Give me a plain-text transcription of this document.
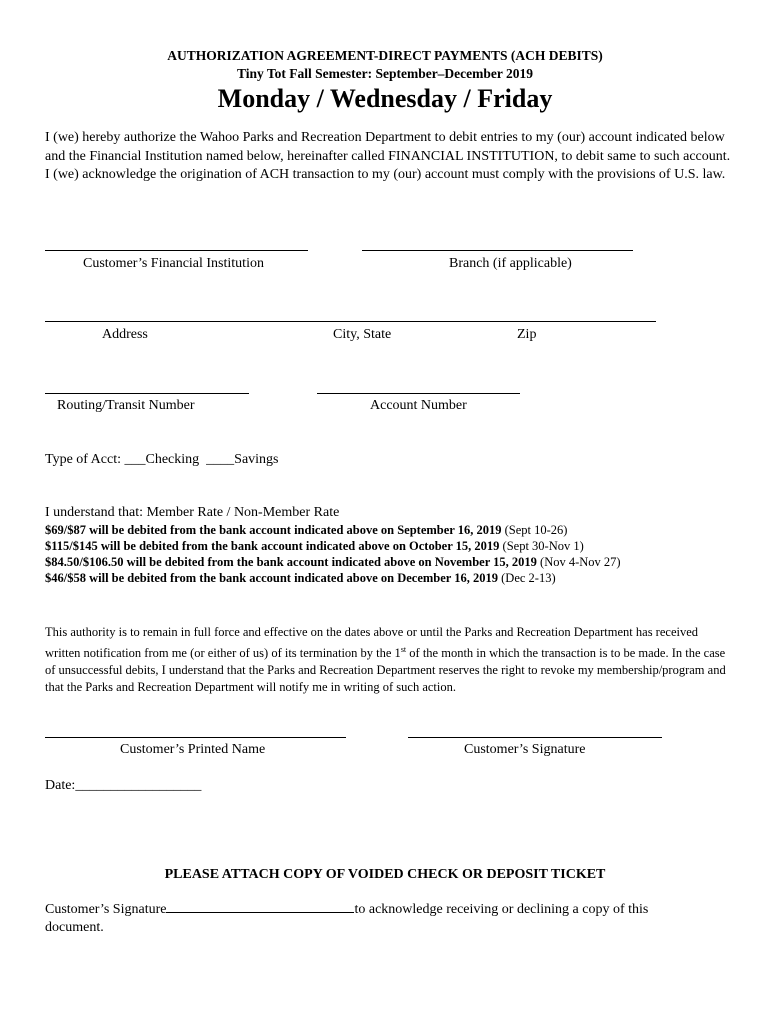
AUTHORIZATION AGREEMENT-DIRECT PAYMENTS (ACH DEBITS)
Tiny Tot Fall Semester: September–December 2019
Monday / Wednesday / Friday
I (we) hereby authorize the Wahoo Parks and Recreation Department to debit entries to my (our) account indicated below and the Financial Institution named below, hereinafter called FINANCIAL INSTITUTION, to debit same to such account. I (we) acknowledge the origination of ACH transaction to my (our) account must comply with the provisions of U.S. law.
Customer’s Financial Institution	Branch (if applicable)
Address	City, State	Zip
Routing/Transit Number	Account Number
Type of Acct: ___Checking ____Savings
I understand that: Member Rate / Non-Member Rate
$69/$87 will be debited from the bank account indicated above on September 16, 2019 (Sept 10-26)
$115/$145 will be debited from the bank account indicated above on October 15, 2019 (Sept 30-Nov 1)
$84.50/$106.50 will be debited from the bank account indicated above on November 15, 2019 (Nov 4-Nov 27)
$46/$58 will be debited from the bank account indicated above on December 16, 2019 (Dec 2-13)
This authority is to remain in full force and effective on the dates above or until the Parks and Recreation Department has received written notification from me (or either of us) of its termination by the 1st of the month in which the transaction is to be made. In the case of unsuccessful debits, I understand that the Parks and Recreation Department reserves the right to revoke my membership/program and that the Parks and Recreation Department will notify me in writing of such action.
Customer’s Printed Name	Customer’s Signature
Date:__________________
PLEASE ATTACH COPY OF VOIDED CHECK OR DEPOSIT TICKET
Customer’s Signature	to acknowledge receiving or declining a copy of this
document.
